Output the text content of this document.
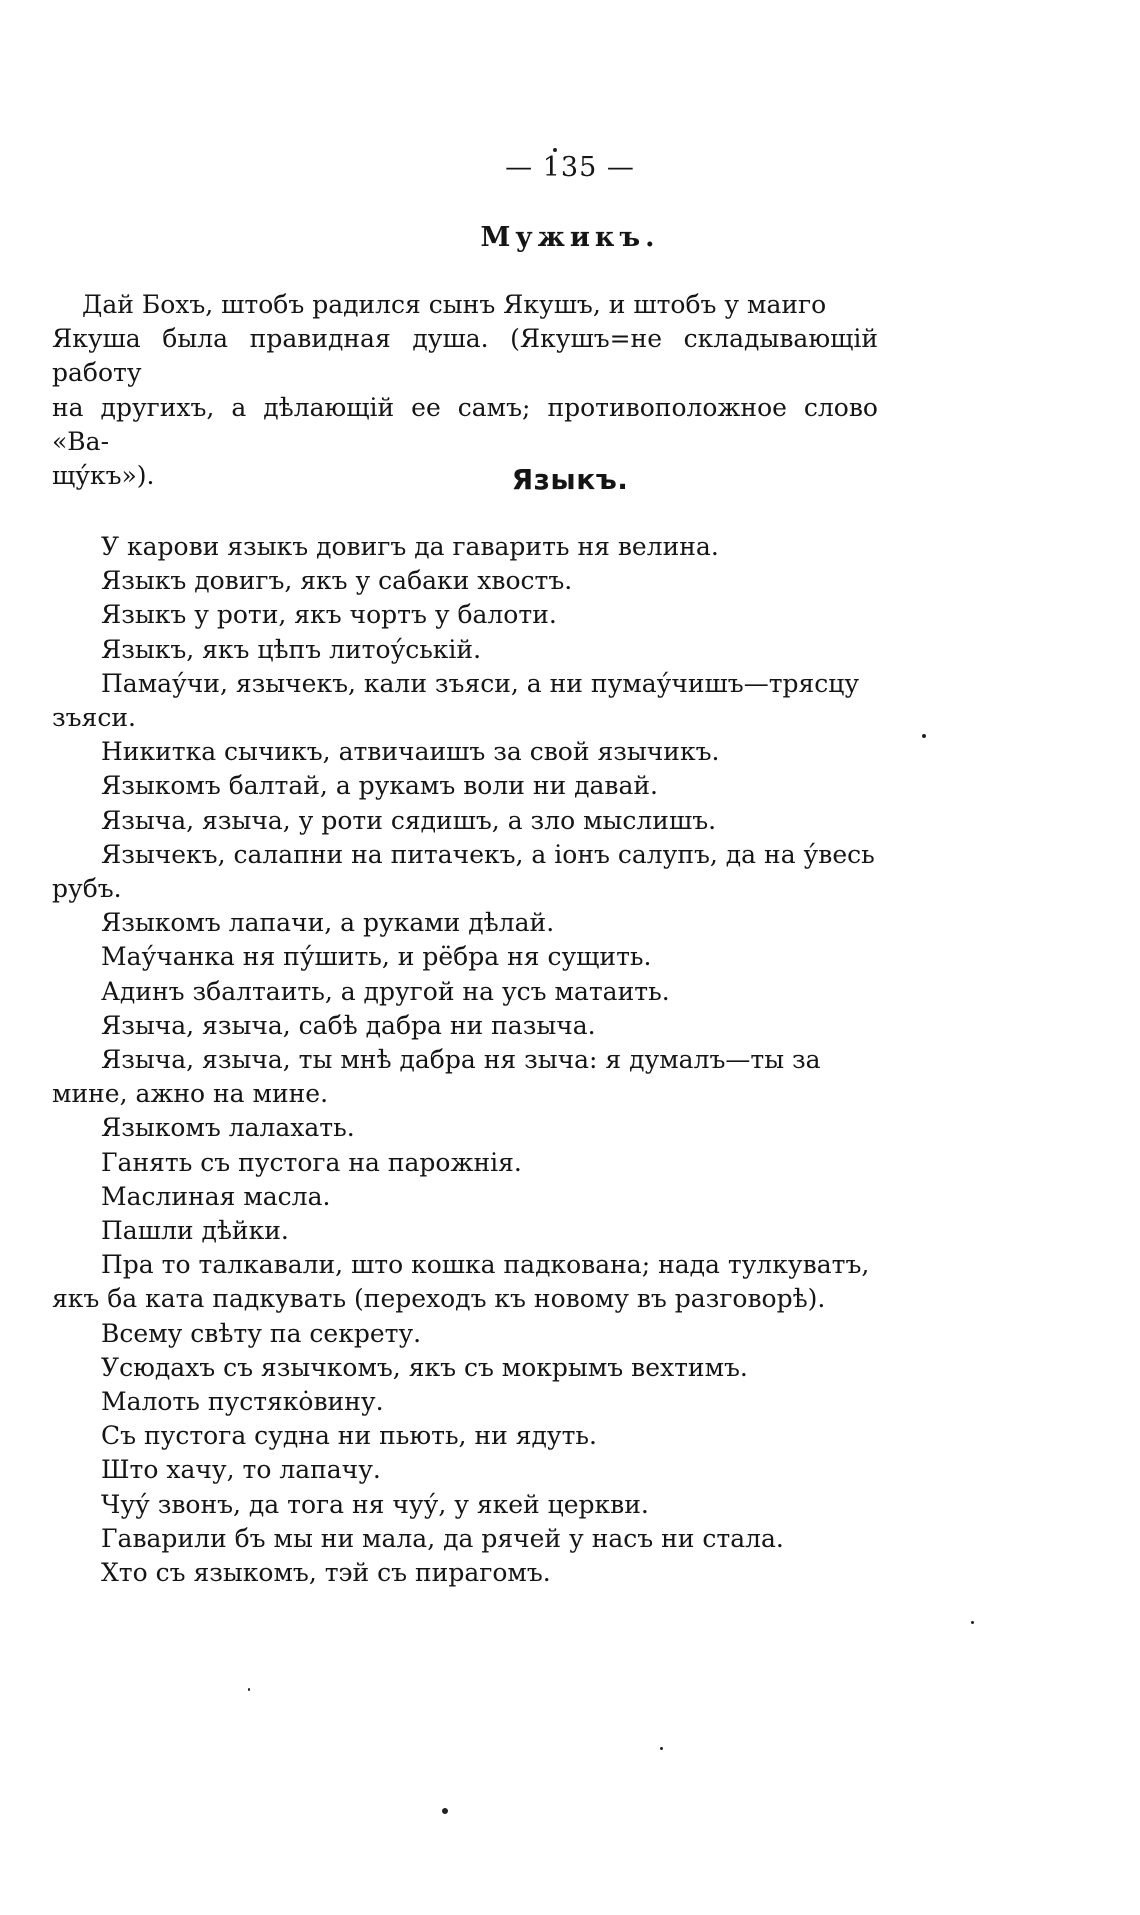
— 135 —
Мужикъ.
Дай Бохъ, штобъ радился сынъ Якушъ, и штобъ у маиго
Якуша была правидная душа. (Якушъ=не складывающій работу
на другихъ, а дѣлающій ее самъ; противоположное слово «Ва-
щу́къ»).	Языкъ.

У карови языкъ довигъ да гаварить ня велина.

Языкъ довигъ, якъ у сабаки хвостъ.

Языкъ у роти, якъ чортъ у балоти.

Языкъ, якъ цѣпъ литоу́ській.

Памау́чи, язычекъ, кали зъяси, а ни пумау́чишъ—трясцу
зъяси.

Никитка сычикъ, атвичаишъ за свой язычикъ.

Языкомъ балтай, а рукамъ воли ни давай.

Языча, языча, у роти сядишъ, а зло мыслишъ.

Язычекъ, салапни на питачекъ, а іонъ салупъ, да на у́весь
рубъ.

Языкомъ лапачи, а руками дѣлай.

Мау́чанка ня пу́шить, и рёбра ня сущить.

Адинъ збалтаить, а другой на усъ матаить.

Языча, языча, сабѣ дабра ни пазыча.

Языча, языча, ты мнѣ дабра ня зыча: я думалъ—ты за
мине, ажно на мине.

Языкомъ лалахать.

Ганять съ пустога на парожнія.

Маслиная масла.

Пашли дѣйки.

Пра то талкавали, што кошка падкована; нада тулкуватъ,
якъ ба ката падкувать (переходъ къ новому въ разговорѣ).

Всему свѣту па секрету.

Усюдахъ съ язычкомъ, якъ съ мокрымъ вехтимъ.

Малоть пустякȯвину.

Съ пустога судна ни пьють, ни ядуть.

Што хачу, то лапачу.

Чуу́ звонъ, да тога ня чуу́, у якей церкви.

Гаварили бъ мы ни мала, да рячей у насъ ни стала.

Хто съ языкомъ, тэй съ пирагомъ.
